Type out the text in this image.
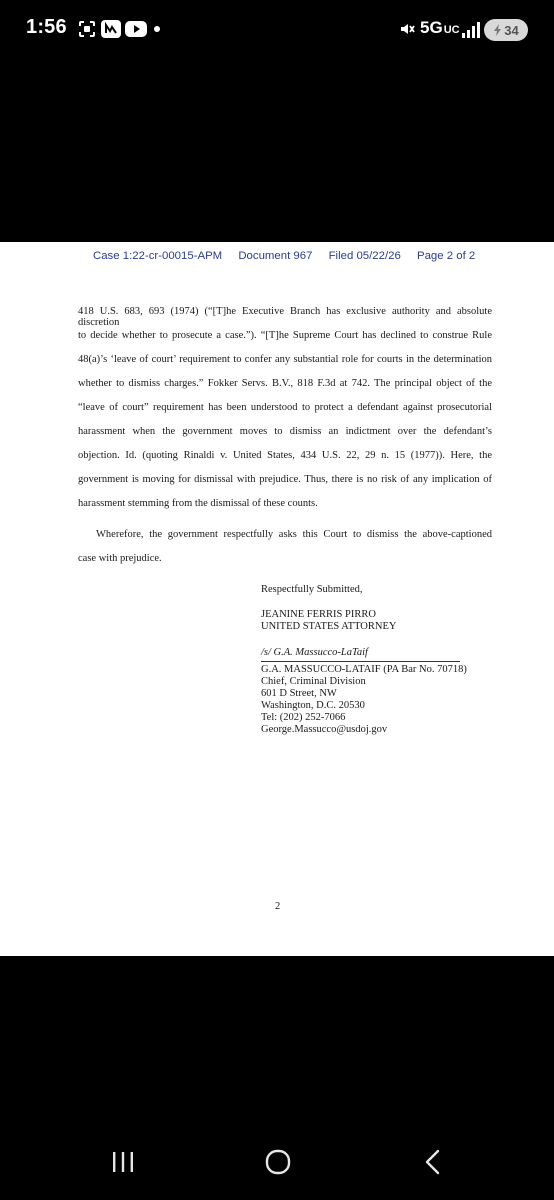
1:56	5G UC	34
Case 1:22-cr-00015-APM Document 967 Filed 05/22/26 Page 2 of 2
418 U.S. 683, 693 (1974) (“[T]he Executive Branch has exclusive authority and absolute discretion
to decide whether to prosecute a case.”). “[T]he Supreme Court has declined to construe Rule
48(a)’s ‘leave of court’ requirement to confer any substantial role for courts in the determination
whether to dismiss charges.” Fokker Servs. B.V., 818 F.3d at 742. The principal object of the
“leave of court” requirement has been understood to protect a defendant against prosecutorial
harassment when the government moves to dismiss an indictment over the defendant’s
objection. Id. (quoting Rinaldi v. United States, 434 U.S. 22, 29 n. 15 (1977)). Here, the
government is moving for dismissal with prejudice. Thus, there is no risk of any implication of
harassment stemming from the dismissal of these counts.
Wherefore, the government respectfully asks this Court to dismiss the above-captioned
case with prejudice.
Respectfully Submitted,
JEANINE FERRIS PIRRO
UNITED STATES ATTORNEY
/s/ G.A. Massucco-LaTaif
G.A. MASSUCCO-LATAIF (PA Bar No. 70718)
Chief, Criminal Division
601 D Street, NW
Washington, D.C. 20530
Tel: (202) 252-7066
George.Massucco@usdoj.gov
2
